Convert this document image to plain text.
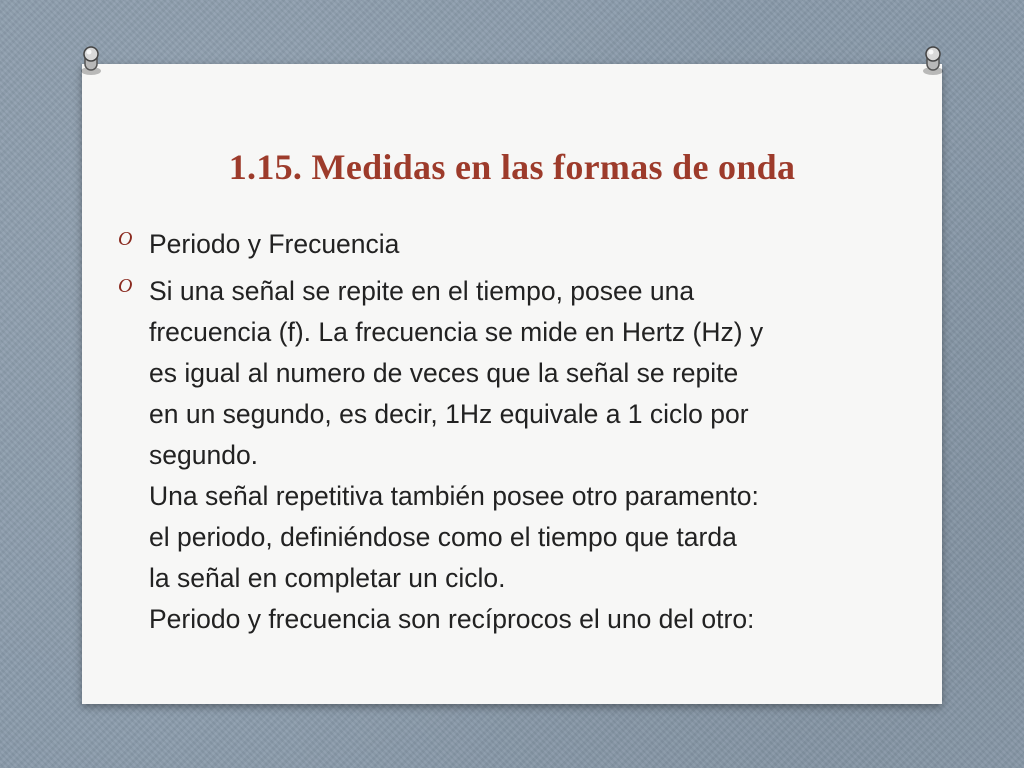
1.15. Medidas en las formas de onda
O Periodo y Frecuencia
O Si una señal se repite en el tiempo, posee una
frecuencia (f). La frecuencia se mide en Hertz (Hz) y
es igual al numero de veces que la señal se repite
en un segundo, es decir, 1Hz equivale a 1 ciclo por
segundo.
Una señal repetitiva también posee otro paramento:
el periodo, definiéndose como el tiempo que tarda
la señal en completar un ciclo.
Periodo y frecuencia son recíprocos el uno del otro:
